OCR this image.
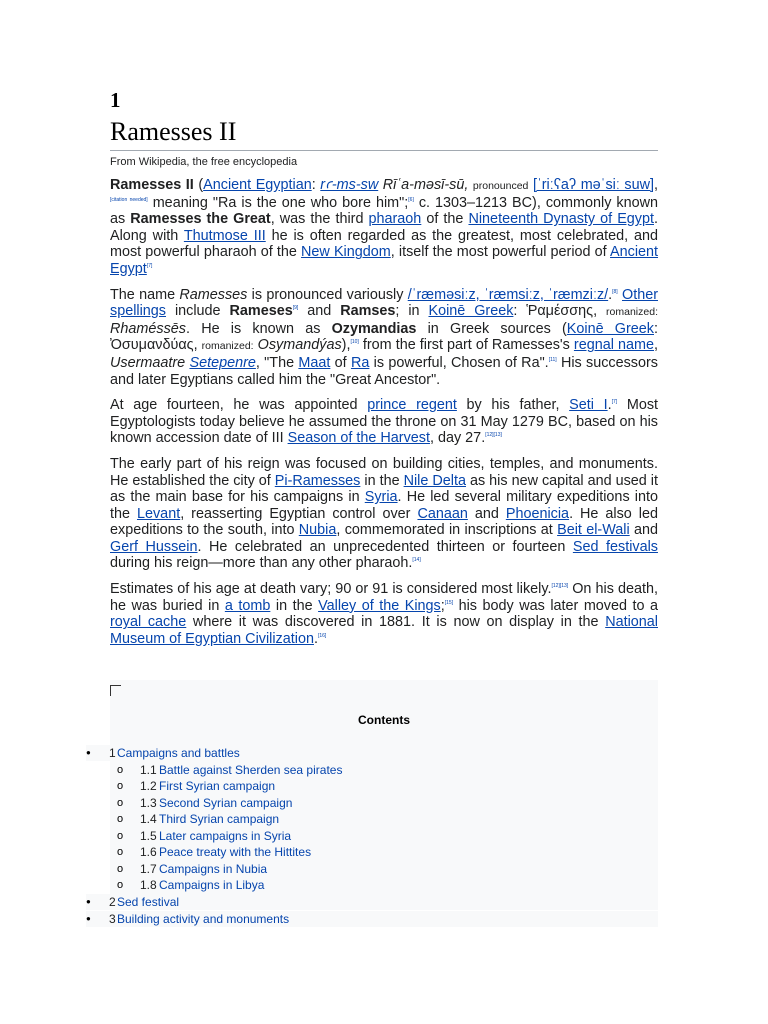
1
Ramesses II
From Wikipedia, the free encyclopedia

Ramesses II (Ancient Egyptian: rꜥ-ms-sw Rīʿa-məsī-sū, pronounced [ˈriːʕaʔ məˈsiː suw],[citation needed] meaning "Ra is the one who bore him";[6] c. 1303–1213 BC), commonly known as Ramesses the Great, was the third pharaoh of the Nineteenth Dynasty of Egypt. Along with Thutmose III he is often regarded as the greatest, most celebrated, and most powerful pharaoh of the New Kingdom, itself the most powerful period of Ancient Egypt[7]

The name Ramesses is pronounced variously /ˈræməsiːz, ˈræmsiːz, ˈræmziːz/.[8] Other spellings include Rameses[9] and Ramses; in Koinē Greek: Ῥαμέσσης, romanized: Rhaméssēs. He is known as Ozymandias in Greek sources (Koinē Greek: Ὀσυμανδύας, romanized: Osymandýas),[10] from the first part of Ramesses's regnal name, Usermaatre Setepenre, "The Maat of Ra is powerful, Chosen of Ra".[11] His successors and later Egyptians called him the "Great Ancestor".

At age fourteen, he was appointed prince regent by his father, Seti I.[7] Most Egyptologists today believe he assumed the throne on 31 May 1279 BC, based on his known accession date of III Season of the Harvest, day 27.[12][13]

The early part of his reign was focused on building cities, temples, and monuments. He established the city of Pi-Ramesses in the Nile Delta as his new capital and used it as the main base for his campaigns in Syria. He led several military expeditions into the Levant, reasserting Egyptian control over Canaan and Phoenicia. He also led expeditions to the south, into Nubia, commemorated in inscriptions at Beit el-Wali and Gerf Hussein. He celebrated an unprecedented thirteen or fourteen Sed festivals during his reign—more than any other pharaoh.[14]

Estimates of his age at death vary; 90 or 91 is considered most likely.[12][13] On his death, he was buried in a tomb in the Valley of the Kings;[15] his body was later moved to a royal cache where it was discovered in 1881. It is now on display in the National Museum of Egyptian Civilization.[16]

Contents
● 1 Campaigns and battles
o 1.1 Battle against Sherden sea pirates
o 1.2 First Syrian campaign
o 1.3 Second Syrian campaign
o 1.4 Third Syrian campaign
o 1.5 Later campaigns in Syria
o 1.6 Peace treaty with the Hittites
o 1.7 Campaigns in Nubia
o 1.8 Campaigns in Libya
● 2 Sed festival
● 3 Building activity and monuments
